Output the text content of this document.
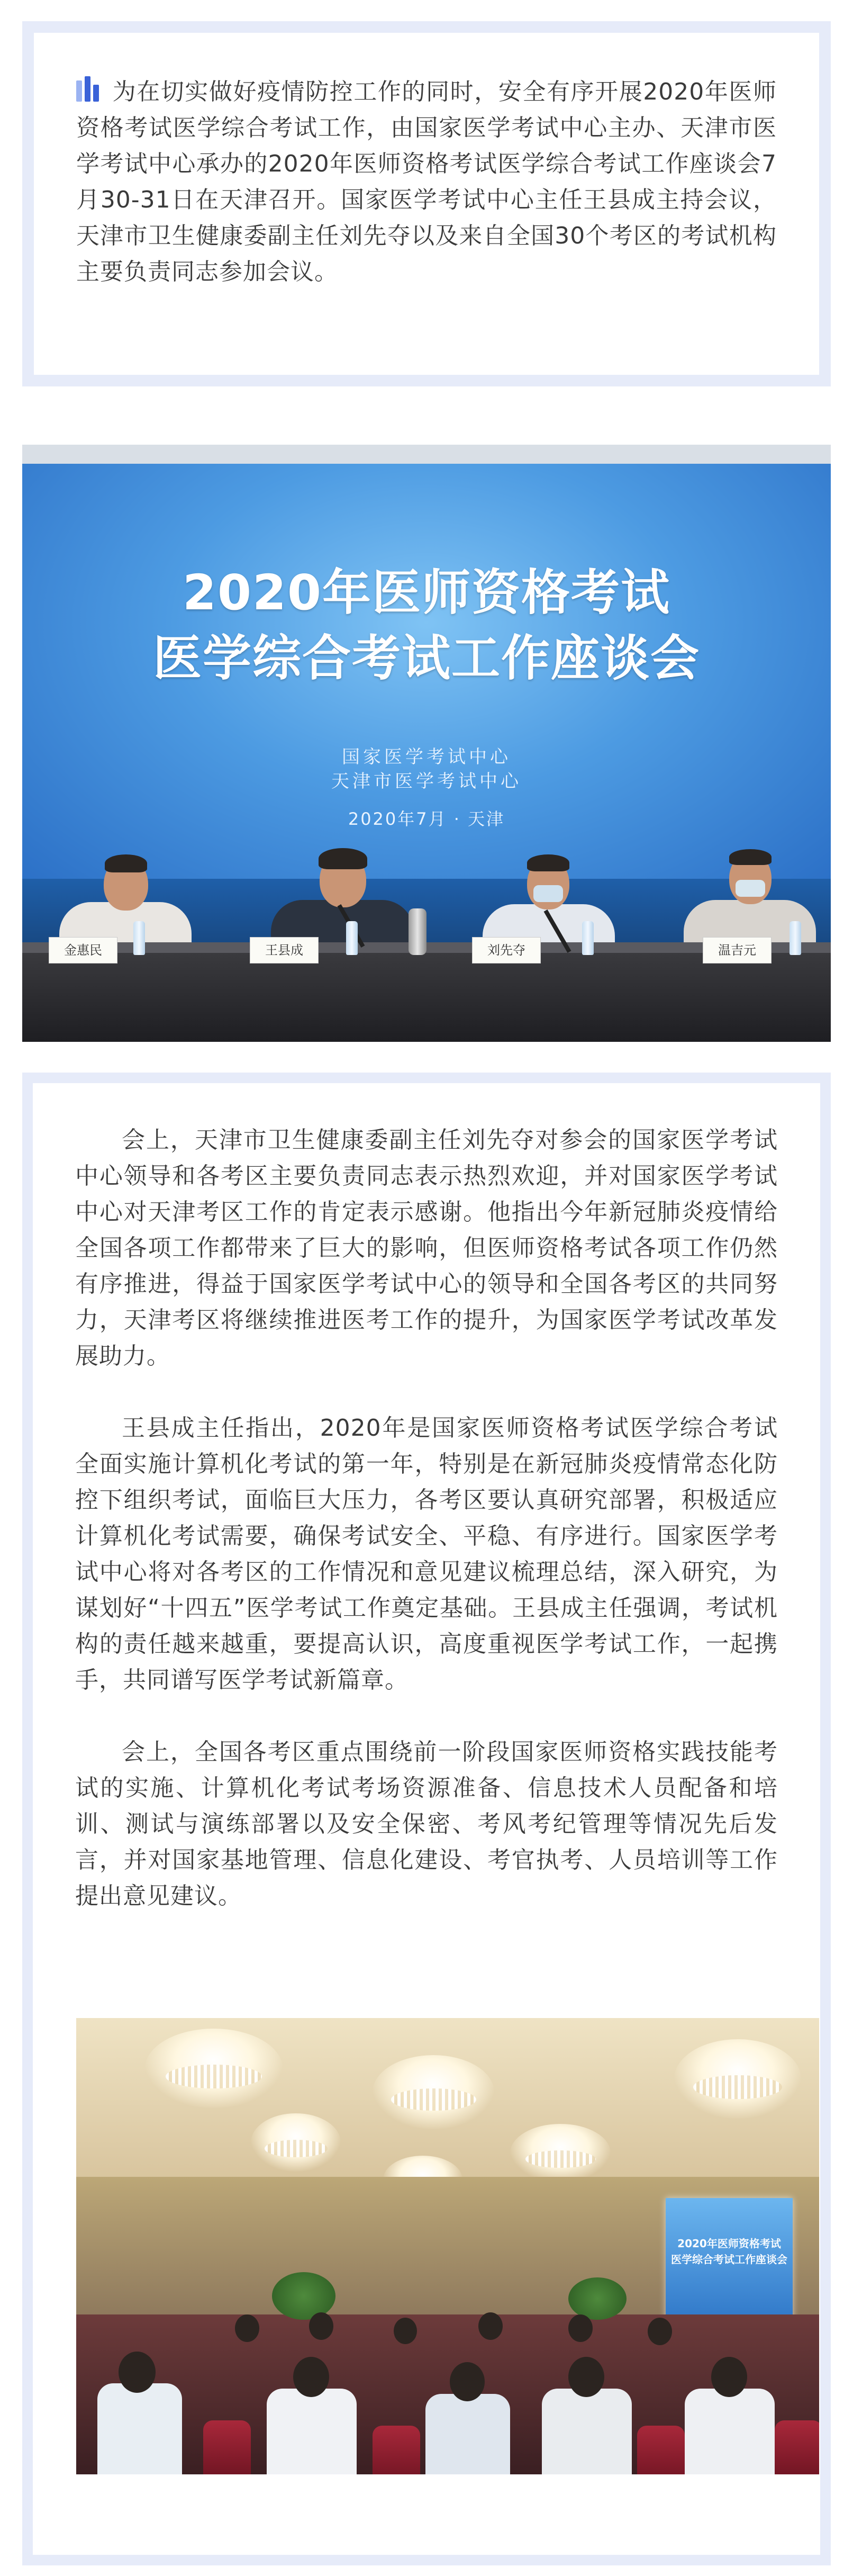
为在切实做好疫情防控工作的同时，安全有序开展2020年医师资格考试医学综合考试工作，由国家医学考试中心主办、天津市医学考试中心承办的2020年医师资格考试医学综合考试工作座谈会7月30-31日在天津召开。国家医学考试中心主任王县成主持会议，天津市卫生健康委副主任刘先夺以及来自全国30个考区的考试机构主要负责同志参加会议。

2020年医师资格考试
医学综合考试工作座谈会
国家医学考试中心
天津市医学考试中心
2020年7月 · 天津
金惠民	王县成	刘先夺	温吉元

会上，天津市卫生健康委副主任刘先夺对参会的国家医学考试中心领导和各考区主要负责同志表示热烈欢迎，并对国家医学考试中心对天津考区工作的肯定表示感谢。他指出今年新冠肺炎疫情给全国各项工作都带来了巨大的影响，但医师资格考试各项工作仍然有序推进，得益于国家医学考试中心的领导和全国各考区的共同努力，天津考区将继续推进医考工作的提升，为国家医学考试改革发展助力。

王县成主任指出，2020年是国家医师资格考试医学综合考试全面实施计算机化考试的第一年，特别是在新冠肺炎疫情常态化防控下组织考试，面临巨大压力，各考区要认真研究部署，积极适应计算机化考试需要，确保考试安全、平稳、有序进行。国家医学考试中心将对各考区的工作情况和意见建议梳理总结，深入研究，为谋划好“十四五”医学考试工作奠定基础。王县成主任强调，考试机构的责任越来越重，要提高认识，高度重视医学考试工作，一起携手，共同谱写医学考试新篇章。

会上，全国各考区重点围绕前一阶段国家医师资格实践技能考试的实施、计算机化考试考场资源准备、信息技术人员配备和培训、测试与演练部署以及安全保密、考风考纪管理等情况先后发言，并对国家基地管理、信息化建设、考官执考、人员培训等工作提出意见建议。

2020年医师资格考试
医学综合考试工作座谈会
